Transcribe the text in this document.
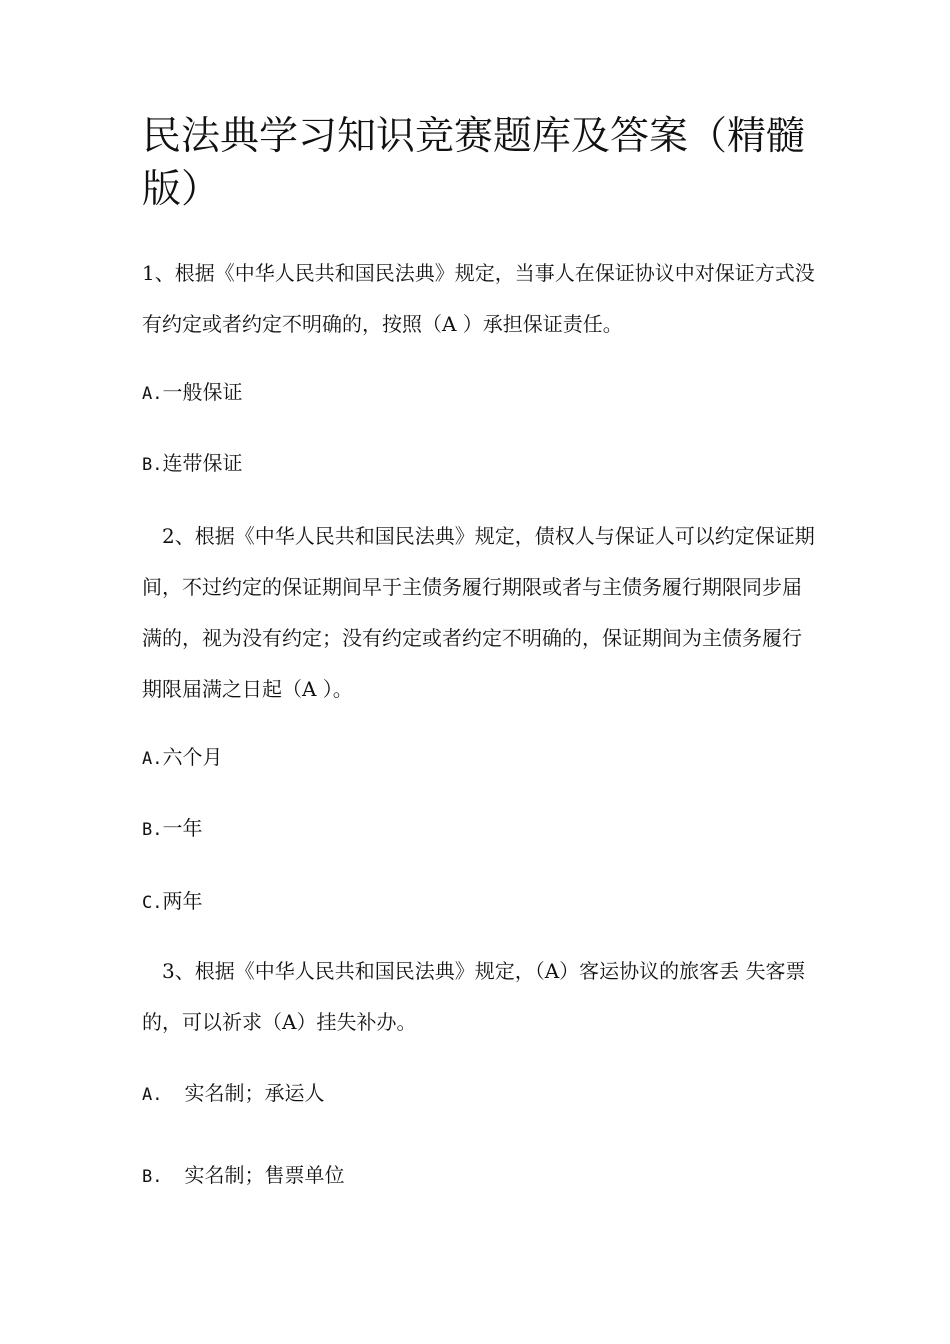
民法典学习知识竞赛题库及答案（精髓版）

1、根据《中华人民共和国民法典》规定，当事人在保证协议中对保证方式没有约定或者约定不明确的，按照（A ）承担保证责任。

A.一般保证

B.连带保证

2、根据《中华人民共和国民法典》规定，债权人与保证人可以约定保证期间，不过约定的保证期间早于主债务履行期限或者与主债务履行期限同步届满的，视为没有约定；没有约定或者约定不明确的，保证期间为主债务履行期限届满之日起（A ）。

A.六个月

B.一年

C.两年

3、根据《中华人民共和国民法典》规定，（A）客运协议的旅客丢 失客票的，可以祈求（A）挂失补办。

A. 实名制；承运人

B. 实名制；售票单位
